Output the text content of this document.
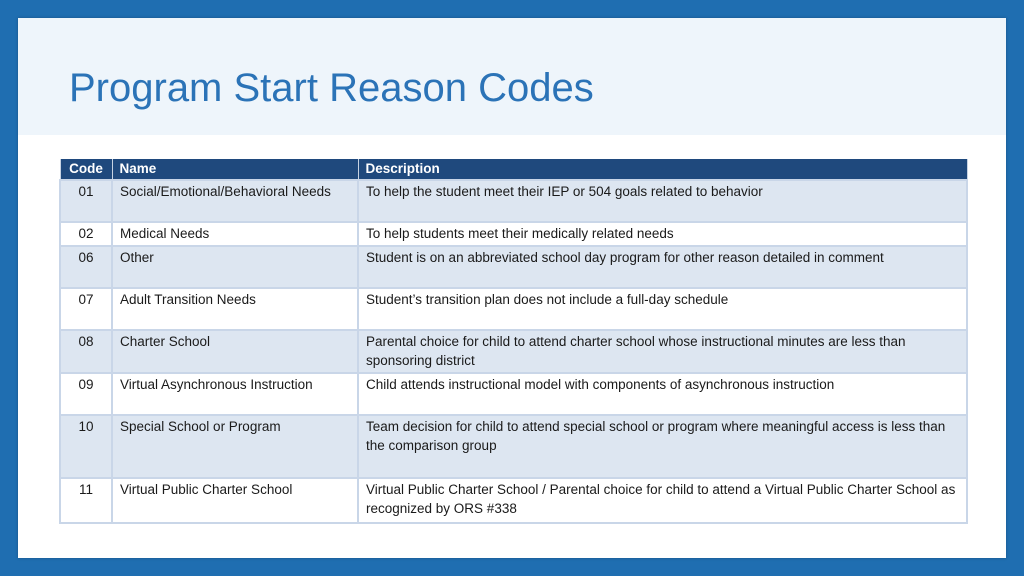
Program Start Reason Codes
Code	Name	Description
01	Social/Emotional/Behavioral Needs	To help the student meet their IEP or 504 goals related to behavior
02	Medical Needs	To help students meet their medically related needs
06	Other	Student is on an abbreviated school day program for other reason detailed in comment
07	Adult Transition Needs	Student’s transition plan does not include a full-day schedule
08	Charter School	Parental choice for child to attend charter school whose instructional minutes are less than sponsoring district
09	Virtual Asynchronous Instruction	Child attends instructional model with components of asynchronous instruction
10	Special School or Program	Team decision for child to attend special school or program where meaningful access is less than the comparison group
11	Virtual Public Charter School	Virtual Public Charter School / Parental choice for child to attend a Virtual Public Charter School as recognized by ORS #338
